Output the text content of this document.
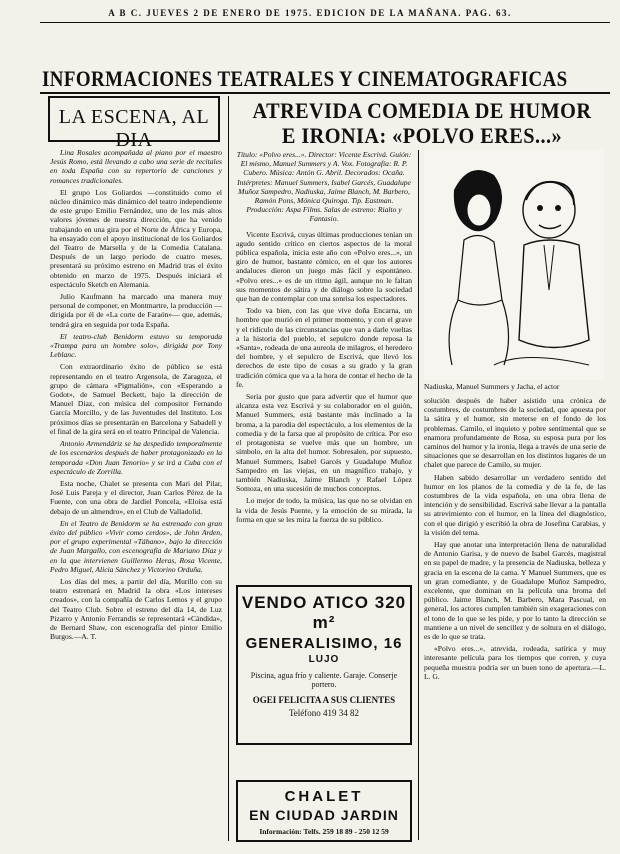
A B C. JUEVES 2 DE ENERO DE 1975. EDICION DE LA MAÑANA. PAG. 63.
INFORMACIONES TEATRALES Y CINEMATOGRAFICAS
LA ESCENA, AL DIA

Lina Rosales acompañada al piano por el maestro Jesús Romo, está llevando a cabo una serie de recitales en toda España con su repertorio de canciones y romances tradicionales.

El grupo Los Goliardos —constituido como el núcleo dinámico más dinámico del teatro independiente de este grupo Emilio Fernández, uno de los más altos valores jóvenes de nuestra dirección, que ha venido trabajando en una gira por el Norte de África y Europa, ha ensayado con el apoyo institucional de los Goliardos del Teatro de Marsella y de la Comedia Catalana. Después de un largo período de cuatro meses, presentará su próximo estreno en Madrid tras el éxito obtenido en marzo de 1975. Después iniciará el espectáculo Sketch en Alemania.

Julio Kaufmann ha marcado una manera muy personal de componer, en Montmartre, la producción —dirigida por él de «La corte de Faraón»— que, además, tendrá gira en seguida por toda España.

El teatro-club Benidorm estuvo su temporada «Trampa para un hombre solo», dirigida por Tony Leblanc.

Con extraordinario éxito de público se está representando en el teatro Argensola, de Zaragoza, el grupo de cámara «Pigmalión», con «Esperando a Godot», de Samuel Beckett, bajo la dirección de Manuel Díaz, con música del compositor Fernando García Morcillo, y de las Juventudes del Instituto. Los próximos días se presentarán en Barcelona y Sabadell y el final de la gira será en el teatro Principal de Valencia.

Antonio Armendáriz se ha despedido temporalmente de los escenarios después de haber protagonizado en la temporada «Don Juan Tenorio» y se irá a Cuba con el espectáculo de Zorrilla.

Esta noche, Chalet se presenta con Mari del Pilar, José Luis Pareja y el director, Juan Carlos Pérez de la Fuente, con una obra de Jardiel Poncela, «Eloísa está debajo de un almendro», en el Club de Valladolid.

En el Teatro de Benidorm se ha estrenado con gran éxito del público «Vivir como cerdos», de John Arden, por el grupo experimental «Tábano», bajo la dirección de Juan Margallo, con escenografía de Mariano Díaz y en la que intervienen Guillermo Heras, Rosa Vicente, Pedro Miguel, Alicia Sánchez y Victorino Orduña.

Los días del mes, a partir del día, Murillo con su teatro estrenará en Madrid la obra «Los intereses creados», con la compañía de Carlos Lemos y el grupo del Teatro Club. Sobre el estreno del día 14, de Luz Pizarro y Antonio Ferrandis se representará «Cándida», de Bernard Shaw, con escenografía del pintor Emilio Burgos.—A. T.

ATREVIDA COMEDIA DE HUMOR
E IRONIA: «POLVO ERES...»

Título: «Polvo eres...». Director: Vicente Escrivá. Guión: El mismo, Manuel Summers y A. Vox. Fotografía: R. P. Cubero. Música: Antón G. Abril. Decorados: Ocaña. Intérpretes: Manuel Summers, Isabel Garcés, Guadalupe Muñoz Sampedro, Nadiuska, Jaime Blanch, M. Barbero, Ramón Pons, Mónica Quiroga. Tip. Eastman. Producción: Aspa Films. Salas de estreno: Rialto y Fantasio.

Vicente Escrivá, cuyas últimas producciones tenían un agudo sentido crítico en ciertos aspectos de la moral pública española, inicia este año con «Polvo eres...», un giro de humor, bastante cómico, en el que los autores andaluces dieron un juego más fácil y espontáneo. «Polvo eres...» es de un ritmo ágil, aunque no le faltan sus momentos de sátira y de diálogo sobre la sociedad que han de contemplar con una sonrisa los espectadores.

Todo va bien, con las que vive doña Encarna, un hombre que murió en el primer momento, y con el grave y el ridículo de las circunstancias que van a darle vueltas a la historia del pueblo, el sepulcro donde reposa la «Santa», rodeada de una aureola de milagros, el heredero del hombre, y el sepulcro de Escrivá, que llevó los derechos de este tipo de cosas a su grado y la gran tradición cómica que va a la hora de contar el hecho de la fe.

Sería por gusto que para advertir que el humor que alcanza esta vez Escrivá y su colaborador en el guión, Manuel Summers, está bastante más inclinado a la broma, a la parodia del espectáculo, a los elementos de la comedia y de la farsa que al propósito de crítica. Por eso el protagonista se vuelve más que un hombre, un símbolo, en la alta del humor. Sobresalen, por supuesto, Manuel Summers, Isabel Garcés y Guadalupe Muñoz Sampedro en las viejas, en un magnífico trabajo, y también Nadiuska, Jaime Blanch y Rafael López Somoza, en una sucesión de muchos conceptos.

Lo mejor de todo, la música, las que no se olvidan en la vida de Jesús Puente, y la emoción de su mirada, la forma en que se les mira la fuerza de su público.

VENDO ATICO 320 m²
GENERALISIMO, 16
LUJO
Piscina, agua frío y caliente. Garaje. Conserje portero.
OGEI FELICITA A SUS CLIENTES
Teléfono 419 34 82
CHALET
EN CIUDAD JARDIN
Información: Telfs. 259 18 89 - 250 12 59
Nadiuska, Manuel Summers y Jacha, el actor

solución después de haber asistido una crónica de costumbres, de costumbres de la sociedad, que apuesta por la sátira y el humor, sin meterse en el fondo de los problemas. Camilo, el inquieto y pobre sentimental que se enamora profundamente de Rosa, su esposa pura por los caminos del humor y la ironía, llega a través de una serie de situaciones que se desarrollan en los distintos lugares de un chalet que parece de Camilo, su mujer.

Haben sabido desarrollar un verdadero sentido del humor en los planos de la comedia y de la fe, de las costumbres de la vida española, en una obra llena de intención y de sensibilidad. Escrivá sabe llevar a la pantalla su atrevimiento con el humor, en la línea del diagnóstico, con el que dirigió y escribió la obra de Josefina Carabias, y la visión del tema.

Hay que anotar una interpretación llena de naturalidad de Antonio Garisa, y de nuevo de Isabel Garcés, magistral en su papel de madre, y la presencia de Nadiuska, belleza y gracia en la escena de la cama. Y Manuel Summers, que es un gran comediante, y de Guadalupe Muñoz Sampedro, excelente, que dominan en la película una broma del público. Jaime Blanch, M. Barbero, Mara Pascual, en general, los actores cumplen también sin exageraciones con el tono de lo que se les pide, y por lo tanto la dirección se mantiene a un nivel de sencillez y de soltura en el diálogo, es de lo que se trata.

«Polvo eres...», atrevida, rodeada, satírica y muy interesante película para los tiempos que corren, y cuya pequeña muestra podría ser un buen tono de apertura.—L. L. G.
